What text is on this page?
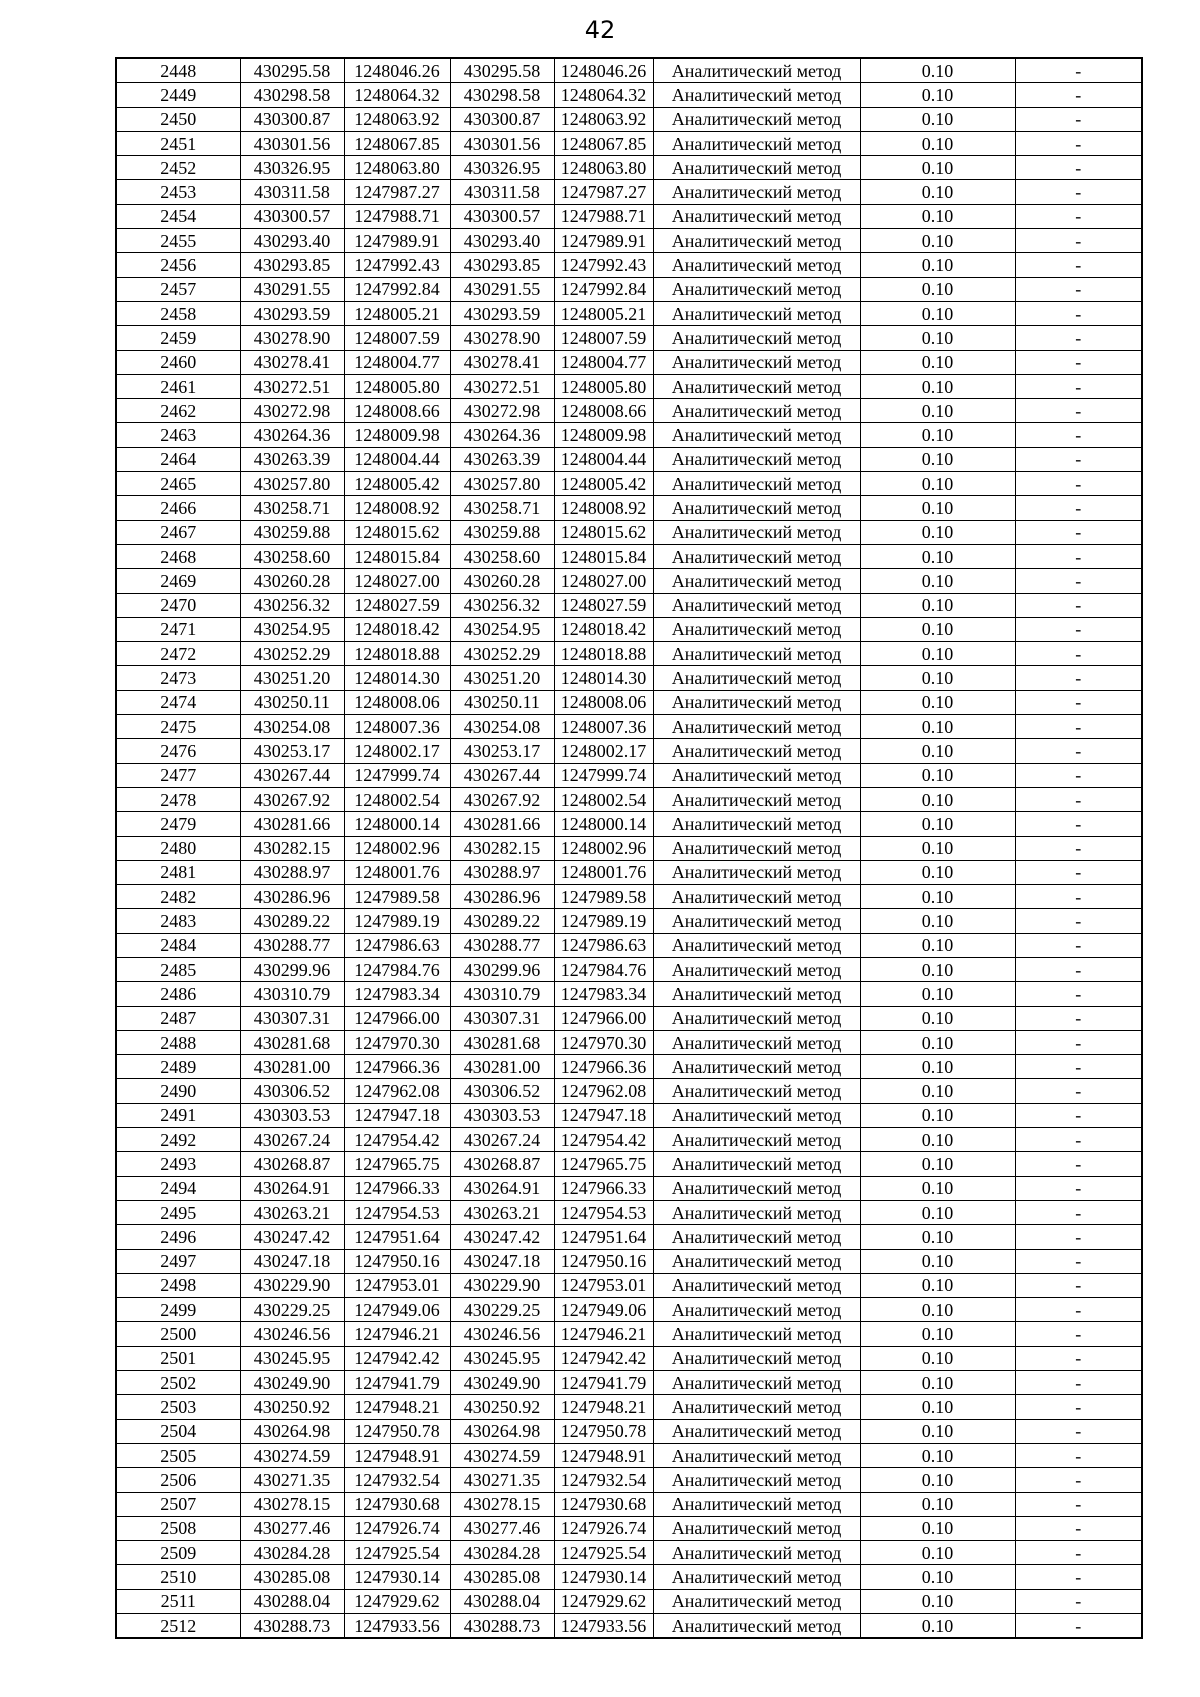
42
2448	430295.58	1248046.26	430295.58	1248046.26	Аналитический метод	0.10	-
2449	430298.58	1248064.32	430298.58	1248064.32	Аналитический метод	0.10	-
2450	430300.87	1248063.92	430300.87	1248063.92	Аналитический метод	0.10	-
2451	430301.56	1248067.85	430301.56	1248067.85	Аналитический метод	0.10	-
2452	430326.95	1248063.80	430326.95	1248063.80	Аналитический метод	0.10	-
2453	430311.58	1247987.27	430311.58	1247987.27	Аналитический метод	0.10	-
2454	430300.57	1247988.71	430300.57	1247988.71	Аналитический метод	0.10	-
2455	430293.40	1247989.91	430293.40	1247989.91	Аналитический метод	0.10	-
2456	430293.85	1247992.43	430293.85	1247992.43	Аналитический метод	0.10	-
2457	430291.55	1247992.84	430291.55	1247992.84	Аналитический метод	0.10	-
2458	430293.59	1248005.21	430293.59	1248005.21	Аналитический метод	0.10	-
2459	430278.90	1248007.59	430278.90	1248007.59	Аналитический метод	0.10	-
2460	430278.41	1248004.77	430278.41	1248004.77	Аналитический метод	0.10	-
2461	430272.51	1248005.80	430272.51	1248005.80	Аналитический метод	0.10	-
2462	430272.98	1248008.66	430272.98	1248008.66	Аналитический метод	0.10	-
2463	430264.36	1248009.98	430264.36	1248009.98	Аналитический метод	0.10	-
2464	430263.39	1248004.44	430263.39	1248004.44	Аналитический метод	0.10	-
2465	430257.80	1248005.42	430257.80	1248005.42	Аналитический метод	0.10	-
2466	430258.71	1248008.92	430258.71	1248008.92	Аналитический метод	0.10	-
2467	430259.88	1248015.62	430259.88	1248015.62	Аналитический метод	0.10	-
2468	430258.60	1248015.84	430258.60	1248015.84	Аналитический метод	0.10	-
2469	430260.28	1248027.00	430260.28	1248027.00	Аналитический метод	0.10	-
2470	430256.32	1248027.59	430256.32	1248027.59	Аналитический метод	0.10	-
2471	430254.95	1248018.42	430254.95	1248018.42	Аналитический метод	0.10	-
2472	430252.29	1248018.88	430252.29	1248018.88	Аналитический метод	0.10	-
2473	430251.20	1248014.30	430251.20	1248014.30	Аналитический метод	0.10	-
2474	430250.11	1248008.06	430250.11	1248008.06	Аналитический метод	0.10	-
2475	430254.08	1248007.36	430254.08	1248007.36	Аналитический метод	0.10	-
2476	430253.17	1248002.17	430253.17	1248002.17	Аналитический метод	0.10	-
2477	430267.44	1247999.74	430267.44	1247999.74	Аналитический метод	0.10	-
2478	430267.92	1248002.54	430267.92	1248002.54	Аналитический метод	0.10	-
2479	430281.66	1248000.14	430281.66	1248000.14	Аналитический метод	0.10	-
2480	430282.15	1248002.96	430282.15	1248002.96	Аналитический метод	0.10	-
2481	430288.97	1248001.76	430288.97	1248001.76	Аналитический метод	0.10	-
2482	430286.96	1247989.58	430286.96	1247989.58	Аналитический метод	0.10	-
2483	430289.22	1247989.19	430289.22	1247989.19	Аналитический метод	0.10	-
2484	430288.77	1247986.63	430288.77	1247986.63	Аналитический метод	0.10	-
2485	430299.96	1247984.76	430299.96	1247984.76	Аналитический метод	0.10	-
2486	430310.79	1247983.34	430310.79	1247983.34	Аналитический метод	0.10	-
2487	430307.31	1247966.00	430307.31	1247966.00	Аналитический метод	0.10	-
2488	430281.68	1247970.30	430281.68	1247970.30	Аналитический метод	0.10	-
2489	430281.00	1247966.36	430281.00	1247966.36	Аналитический метод	0.10	-
2490	430306.52	1247962.08	430306.52	1247962.08	Аналитический метод	0.10	-
2491	430303.53	1247947.18	430303.53	1247947.18	Аналитический метод	0.10	-
2492	430267.24	1247954.42	430267.24	1247954.42	Аналитический метод	0.10	-
2493	430268.87	1247965.75	430268.87	1247965.75	Аналитический метод	0.10	-
2494	430264.91	1247966.33	430264.91	1247966.33	Аналитический метод	0.10	-
2495	430263.21	1247954.53	430263.21	1247954.53	Аналитический метод	0.10	-
2496	430247.42	1247951.64	430247.42	1247951.64	Аналитический метод	0.10	-
2497	430247.18	1247950.16	430247.18	1247950.16	Аналитический метод	0.10	-
2498	430229.90	1247953.01	430229.90	1247953.01	Аналитический метод	0.10	-
2499	430229.25	1247949.06	430229.25	1247949.06	Аналитический метод	0.10	-
2500	430246.56	1247946.21	430246.56	1247946.21	Аналитический метод	0.10	-
2501	430245.95	1247942.42	430245.95	1247942.42	Аналитический метод	0.10	-
2502	430249.90	1247941.79	430249.90	1247941.79	Аналитический метод	0.10	-
2503	430250.92	1247948.21	430250.92	1247948.21	Аналитический метод	0.10	-
2504	430264.98	1247950.78	430264.98	1247950.78	Аналитический метод	0.10	-
2505	430274.59	1247948.91	430274.59	1247948.91	Аналитический метод	0.10	-
2506	430271.35	1247932.54	430271.35	1247932.54	Аналитический метод	0.10	-
2507	430278.15	1247930.68	430278.15	1247930.68	Аналитический метод	0.10	-
2508	430277.46	1247926.74	430277.46	1247926.74	Аналитический метод	0.10	-
2509	430284.28	1247925.54	430284.28	1247925.54	Аналитический метод	0.10	-
2510	430285.08	1247930.14	430285.08	1247930.14	Аналитический метод	0.10	-
2511	430288.04	1247929.62	430288.04	1247929.62	Аналитический метод	0.10	-
2512	430288.73	1247933.56	430288.73	1247933.56	Аналитический метод	0.10	-
